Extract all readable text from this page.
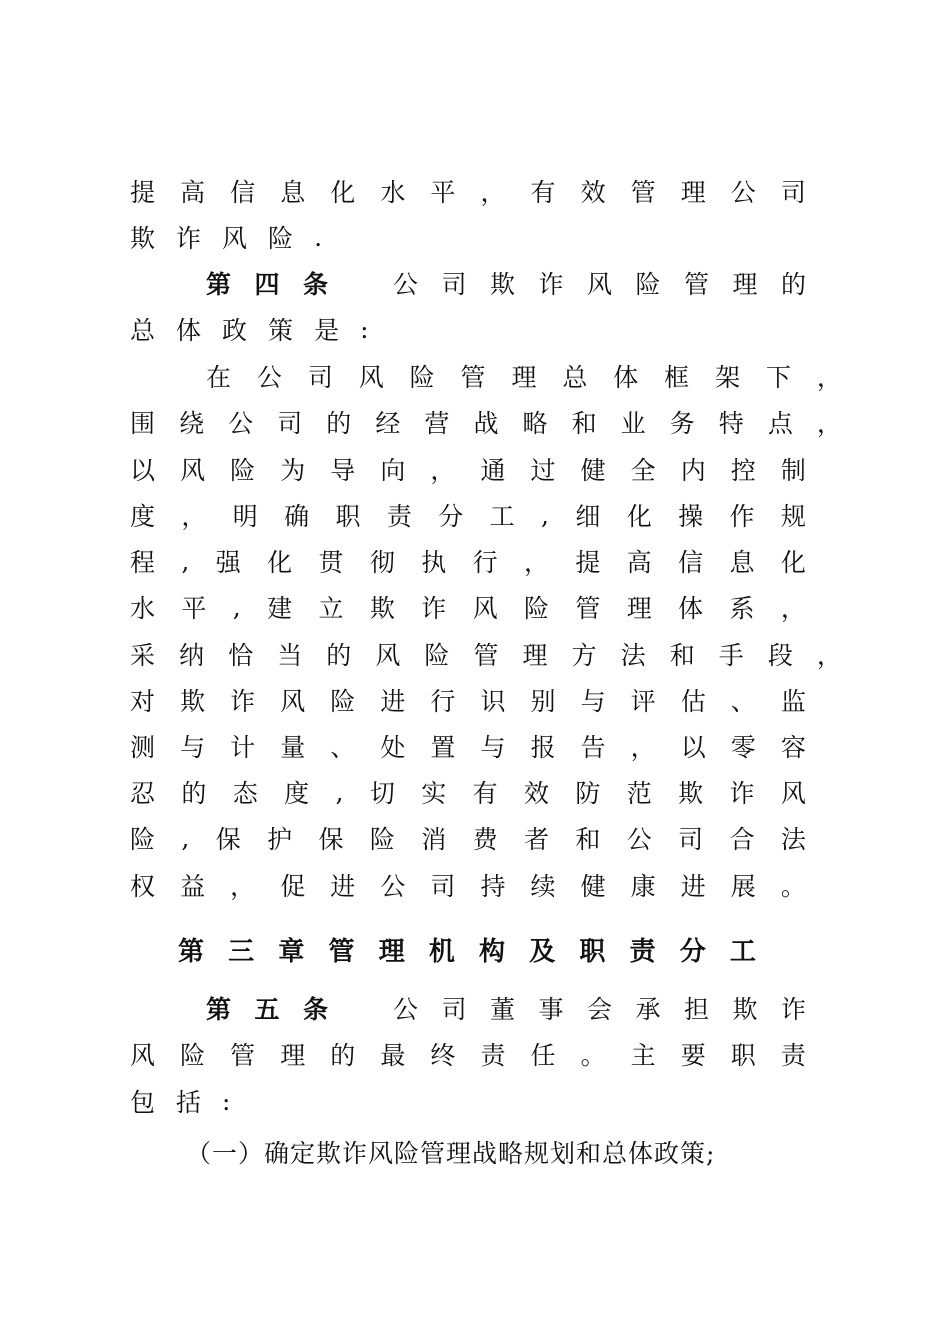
提 高 信 息 化 水 平 ， 有 效 管 理 公 司
欺 诈 风 险 .
第 四 条	公 司 欺 诈 风 险 管 理 的
总 体 政 策 是 :
在 公 司 风 险 管 理 总 体 框 架 下 ，
围 绕 公 司 的 经 营 战 略 和 业 务 特 点 ，
以 风 险 为 导 向 ， 通 过 健 全 内 控 制
度 ， 明 确 职 责 分 工 , 细 化 操 作 规
程 , 强 化 贯 彻 执 行 ， 提 高 信 息 化
水 平 , 建 立 欺 诈 风 险 管 理 体 系 ，
采 纳 恰 当 的 风 险 管 理 方 法 和 手 段 ，
对 欺 诈 风 险 进 行 识 别 与 评 估 、 监
测 与 计 量 、 处 置 与 报 告 ， 以 零 容
忍 的 态 度 , 切 实 有 效 防 范 欺 诈 风
险 , 保 护 保 险 消 费 者 和 公 司 合 法
权 益 ， 促 进 公 司 持 续 健 康 进 展 。
第 三 章 管 理 机 构 及 职 责 分 工
第 五 条	公 司 董 事 会 承 担 欺 诈
风 险 管 理 的 最 终 责 任 。 主 要 职 责
包 括 :
（一）确定欺诈风险管理战略规划和总体政策;
